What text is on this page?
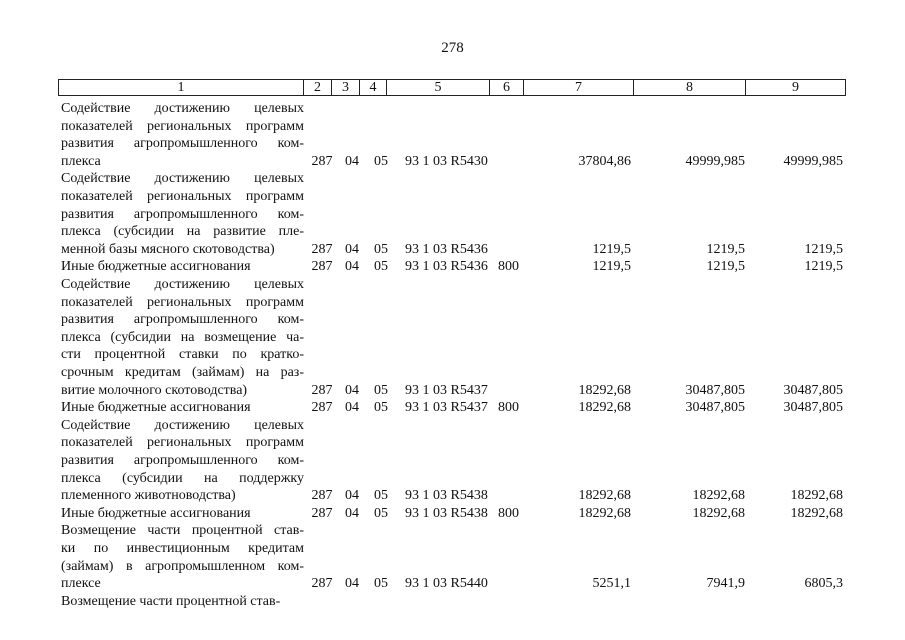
278
1	2	3	4	5	6	7	8	9
Содействие достижению целевых
показателей региональных программ
развития агропромышленного ком-
плекса	287 04 05 93 1 03 R5430	37804,86	49999,985	49999,985
Содействие достижению целевых
показателей региональных программ
развития агропромышленного ком-
плекса (субсидии на развитие пле-
менной базы мясного скотоводства)	287 04 05 93 1 03 R5436	1219,5	1219,5	1219,5
Иные бюджетные ассигнования	287 04 05 93 1 03 R5436 800	1219,5	1219,5	1219,5
Содействие достижению целевых
показателей региональных программ
развития агропромышленного ком-
плекса (субсидии на возмещение ча-
сти процентной ставки по кратко-
срочным кредитам (займам) на раз-
витие молочного скотоводства)	287 04 05 93 1 03 R5437	18292,68	30487,805	30487,805
Иные бюджетные ассигнования	287 04 05 93 1 03 R5437 800	18292,68	30487,805	30487,805
Содействие достижению целевых
показателей региональных программ
развития агропромышленного ком-
плекса (субсидии на поддержку
племенного животноводства)	287 04 05 93 1 03 R5438	18292,68	18292,68	18292,68
Иные бюджетные ассигнования	287 04 05 93 1 03 R5438 800	18292,68	18292,68	18292,68
Возмещение части процентной став-
ки по инвестиционным кредитам
(займам) в агропромышленном ком-
плексе	287 04 05 93 1 03 R5440	5251,1	7941,9	6805,3
Возмещение части процентной став-
